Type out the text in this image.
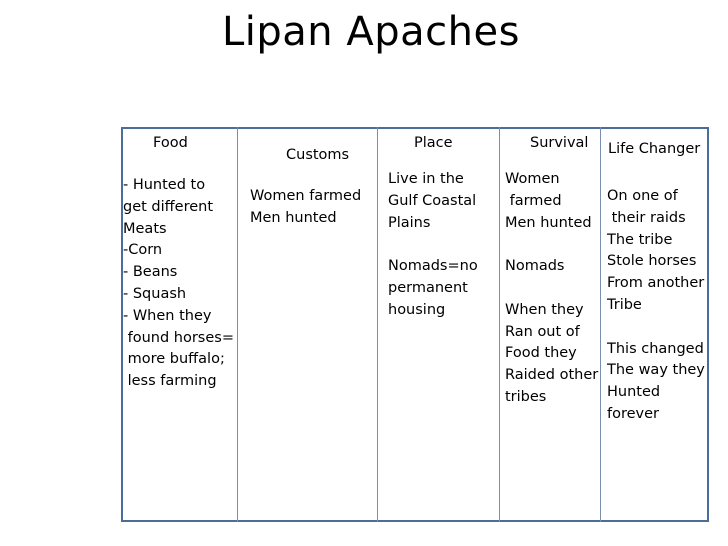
Lipan Apaches
Food
Customs
Place	Survival Life Changer
- Hunted to
get different
Meats
-Corn
- Beans
- Squash
- When they
found horses=
more buffalo;
less farming
Women farmed
Men hunted
Live in the
Gulf Coastal
Plains

Nomads=no
permanent
housing
Women
farmed
Men hunted

Nomads

When they
Ran out of
Food they
Raided other
tribes
On one of
their raids
The tribe
Stole horses
From another
Tribe

This changed
The way they
Hunted
forever
